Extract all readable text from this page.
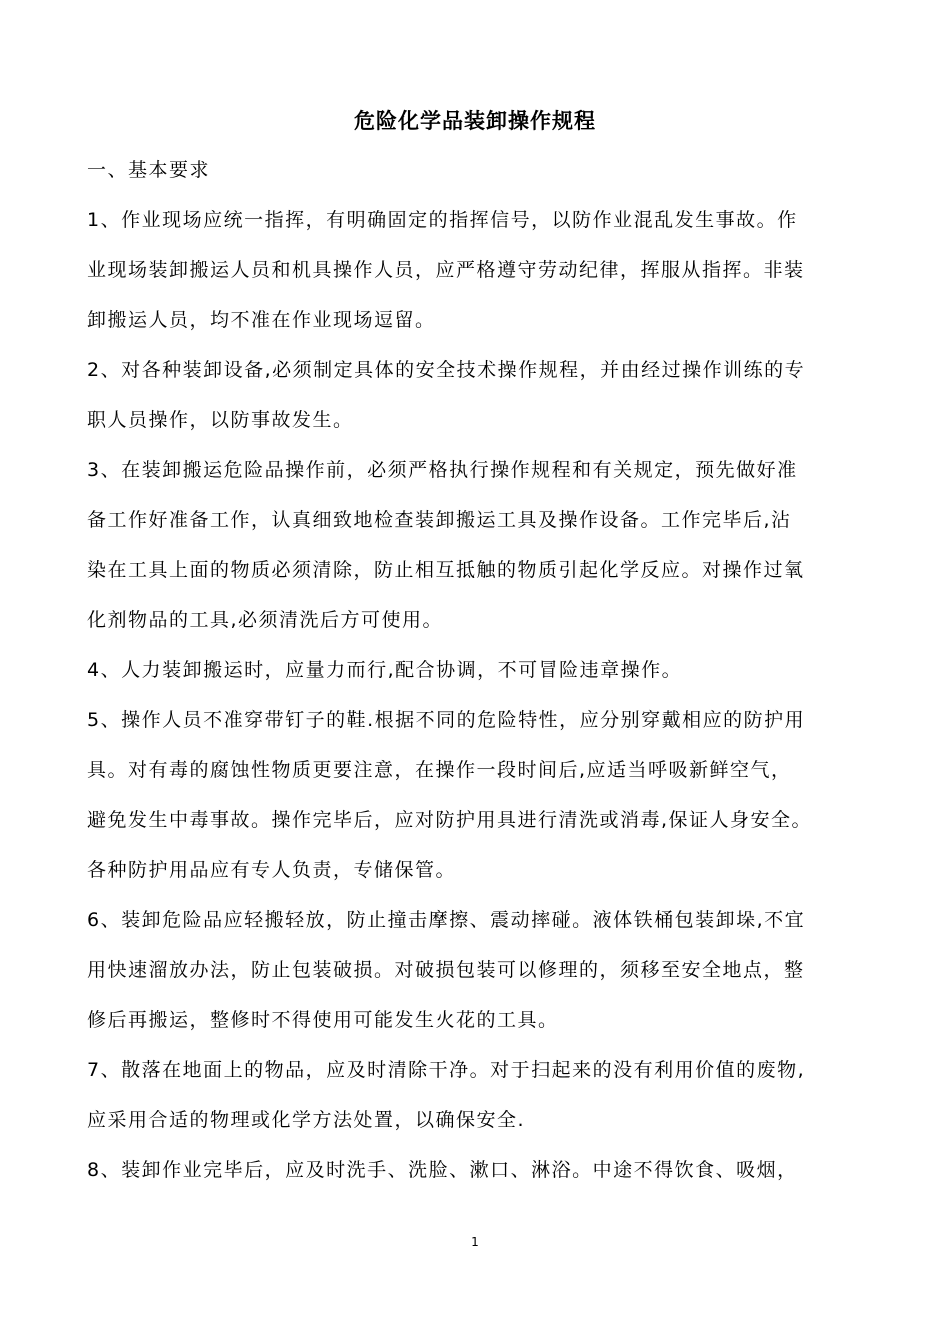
危险化学品装卸操作规程
一、基本要求
1、作业现场应统一指挥，有明确固定的指挥信号，以防作业混乱发生事故。作
业现场装卸搬运人员和机具操作人员，应严格遵守劳动纪律，挥服从指挥。非装
卸搬运人员，均不准在作业现场逗留。
2、对各种装卸设备,必须制定具体的安全技术操作规程，并由经过操作训练的专
职人员操作，以防事故发生。
3、在装卸搬运危险品操作前，必须严格执行操作规程和有关规定，预先做好准
备工作好准备工作，认真细致地检查装卸搬运工具及操作设备。工作完毕后,沾
染在工具上面的物质必须清除，防止相互抵触的物质引起化学反应。对操作过氧
化剂物品的工具,必须清洗后方可使用。
4、人力装卸搬运时，应量力而行,配合协调，不可冒险违章操作。
5、操作人员不准穿带钉子的鞋.根据不同的危险特性，应分别穿戴相应的防护用
具。对有毒的腐蚀性物质更要注意，在操作一段时间后,应适当呼吸新鲜空气，
避免发生中毒事故。操作完毕后，应对防护用具进行清洗或消毒,保证人身安全。
各种防护用品应有专人负责，专储保管。
6、装卸危险品应轻搬轻放，防止撞击摩擦、震动摔碰。液体铁桶包装卸垛,不宜
用快速溜放办法，防止包装破损。对破损包装可以修理的，须移至安全地点，整
修后再搬运，整修时不得使用可能发生火花的工具。
7、散落在地面上的物品，应及时清除干净。对于扫起来的没有利用价值的废物,
应采用合适的物理或化学方法处置，以确保安全.
8、装卸作业完毕后，应及时洗手、洗脸、漱口、淋浴。中途不得饮食、吸烟，
1
